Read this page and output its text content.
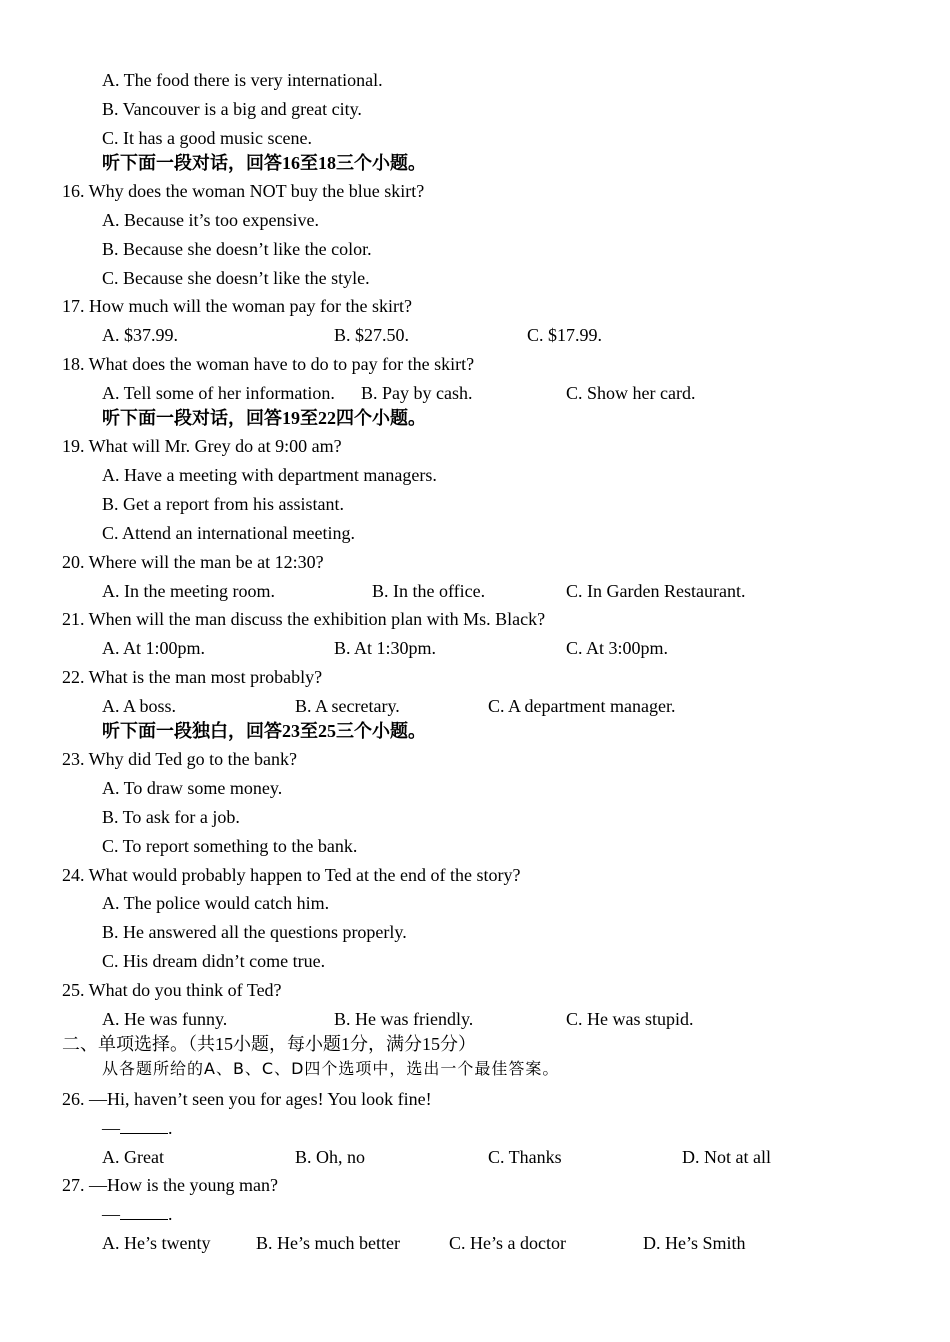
A. The food there is very international.
B. Vancouver is a big and great city.
C. It has a good music scene.
听下面一段对话，回答16至18三个小题。
16. Why does the woman NOT buy the blue skirt?
A. Because it’s too expensive.
B. Because she doesn’t like the color.
C. Because she doesn’t like the style.
17. How much will the woman pay for the skirt?
A. $37.99.	B. $27.50.	C. $17.99.
18. What does the woman have to do to pay for the skirt?
A. Tell some of her information. B. Pay by cash.	C. Show her card.
听下面一段对话，回答19至22四个小题。
19. What will Mr. Grey do at 9:00 am?
A. Have a meeting with department managers.
B. Get a report from his assistant.
C. Attend an international meeting.
20. Where will the man be at 12:30?
A. In the meeting room.	B. In the office.	C. In Garden Restaurant.
21. When will the man discuss the exhibition plan with Ms. Black?
A. At 1:00pm.	B. At 1:30pm.	C. At 3:00pm.
22. What is the man most probably?
A. A boss.	B. A secretary.	C. A department manager.
听下面一段独白，回答23至25三个小题。
23. Why did Ted go to the bank?
A. To draw some money.
B. To ask for a job.
C. To report something to the bank.
24. What would probably happen to Ted at the end of the story?
A. The police would catch him.
B. He answered all the questions properly.
C. His dream didn’t come true.
25. What do you think of Ted?
A. He was funny.	B. He was friendly.	C. He was stupid.
二、单项选择。（共15小题，每小题1分，满分15分）
从各题所给的A、B、C、D四个选项中，选出一个最佳答案。
26. —Hi, haven’t seen you for ages! You look fine!
—	.
A. Great	B. Oh, no	C. Thanks	D. Not at all
27. —How is the young man?
—	.
A. He’s twenty	B. He’s much better	C. He’s a doctor	D. He’s Smith
